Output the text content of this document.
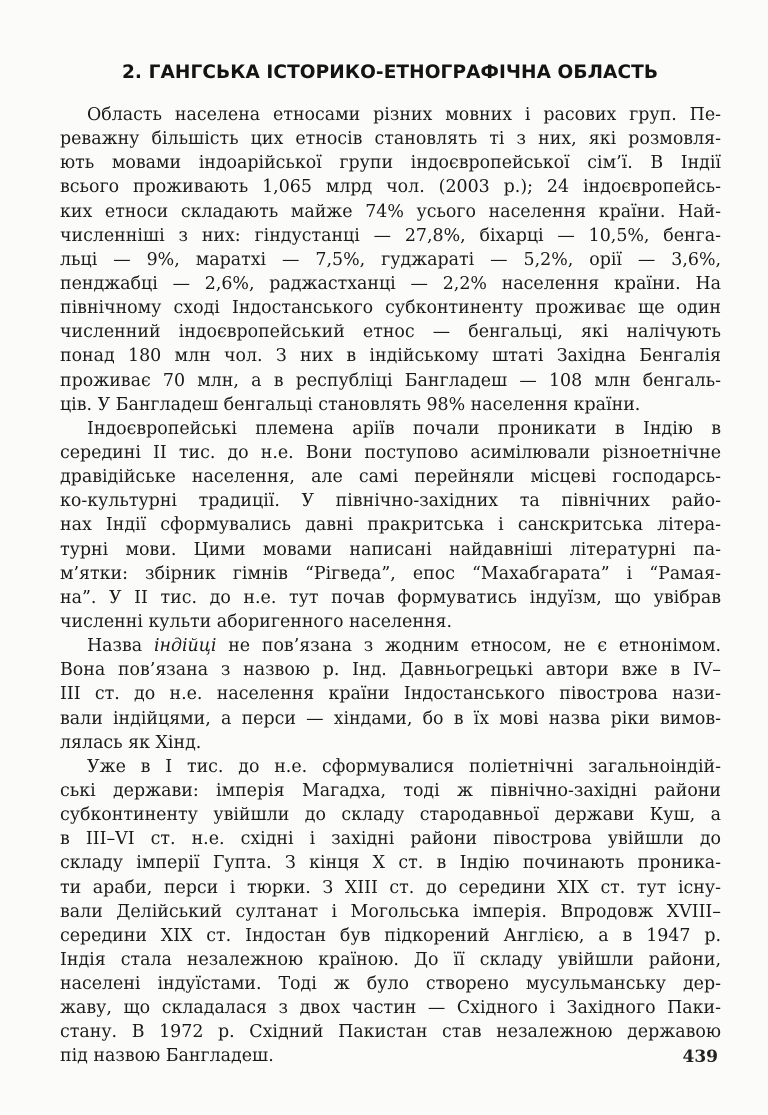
2. ГАНГСЬКА ІСТОРИКО-ЕТНОГРАФІЧНА ОБЛАСТЬ
Область населена етносами різних мовних і расових груп. Пе-
реважну більшість цих етносів становлять ті з них, які розмовля-
ють мовами індоарійської групи індоєвропейської сім’ї. В Індії
всього проживають 1,065 млрд чол. (2003 р.); 24 індоєвропейсь-
ких етноси складають майже 74% усього населення країни. Най-
численніші з них: гіндустанці — 27,8%, біхарці — 10,5%, бенга-
льці — 9%, маратхі — 7,5%, гуджараті — 5,2%, орії — 3,6%,
пенджабці — 2,6%, раджастханці — 2,2% населення країни. На
північному сході Індостанського субконтиненту проживає ще один
численний індоєвропейський етнос — бенгальці, які налічують
понад 180 млн чол. З них в індійському штаті Західна Бенгалія
проживає 70 млн, а в республіці Бангладеш — 108 млн бенгаль-
ців. У Бангладеш бенгальці становлять 98% населення країни.
Індоєвропейські племена аріїв почали проникати в Індію в
середині II тис. до н.е. Вони поступово асимілювали різноетнічне
дравідійське населення, але самі перейняли місцеві господарсь-
ко-культурні традиції. У північно-західних та північних райо-
нах Індії сформувались давні пракритська і санскритська літера-
турні мови. Цими мовами написані найдавніші літературні па-
м’ятки: збірник гімнів “Рігведа”, епос “Махабгарата” і “Рамая-
на”. У II тис. до н.е. тут почав формуватись індуїзм, що увібрав
численні культи аборигенного населення.
Назва індійці не пов’язана з жодним етносом, не є етнонімом.
Вона пов’язана з назвою р. Інд. Давньогрецькі автори вже в IV–
III ст. до н.е. населення країни Індостанського півострова нази-
вали індійцями, а перси — хіндами, бо в їх мові назва ріки вимов-
лялась як Хінд.
Уже в I тис. до н.е. сформувалися поліетнічні загальноіндій-
ські держави: імперія Магадха, тоді ж північно-західні райони
субконтиненту увійшли до складу стародавньої держави Куш, а
в III–VI ст. н.е. східні і західні райони півострова увійшли до
складу імперії Гупта. З кінця X ст. в Індію починають проника-
ти араби, перси і тюрки. З XIII ст. до середини XIX ст. тут існу-
вали Делійський султанат і Могольська імперія. Впродовж XVIII–
середини XIX ст. Індостан був підкорений Англією, а в 1947 р.
Індія стала незалежною країною. До її складу увійшли райони,
населені індуїстами. Тоді ж було створено мусульманську дер-
жаву, що складалася з двох частин — Східного і Західного Паки-
стану. В 1972 р. Східний Пакистан став незалежною державою
під назвою Бангладеш.	439
